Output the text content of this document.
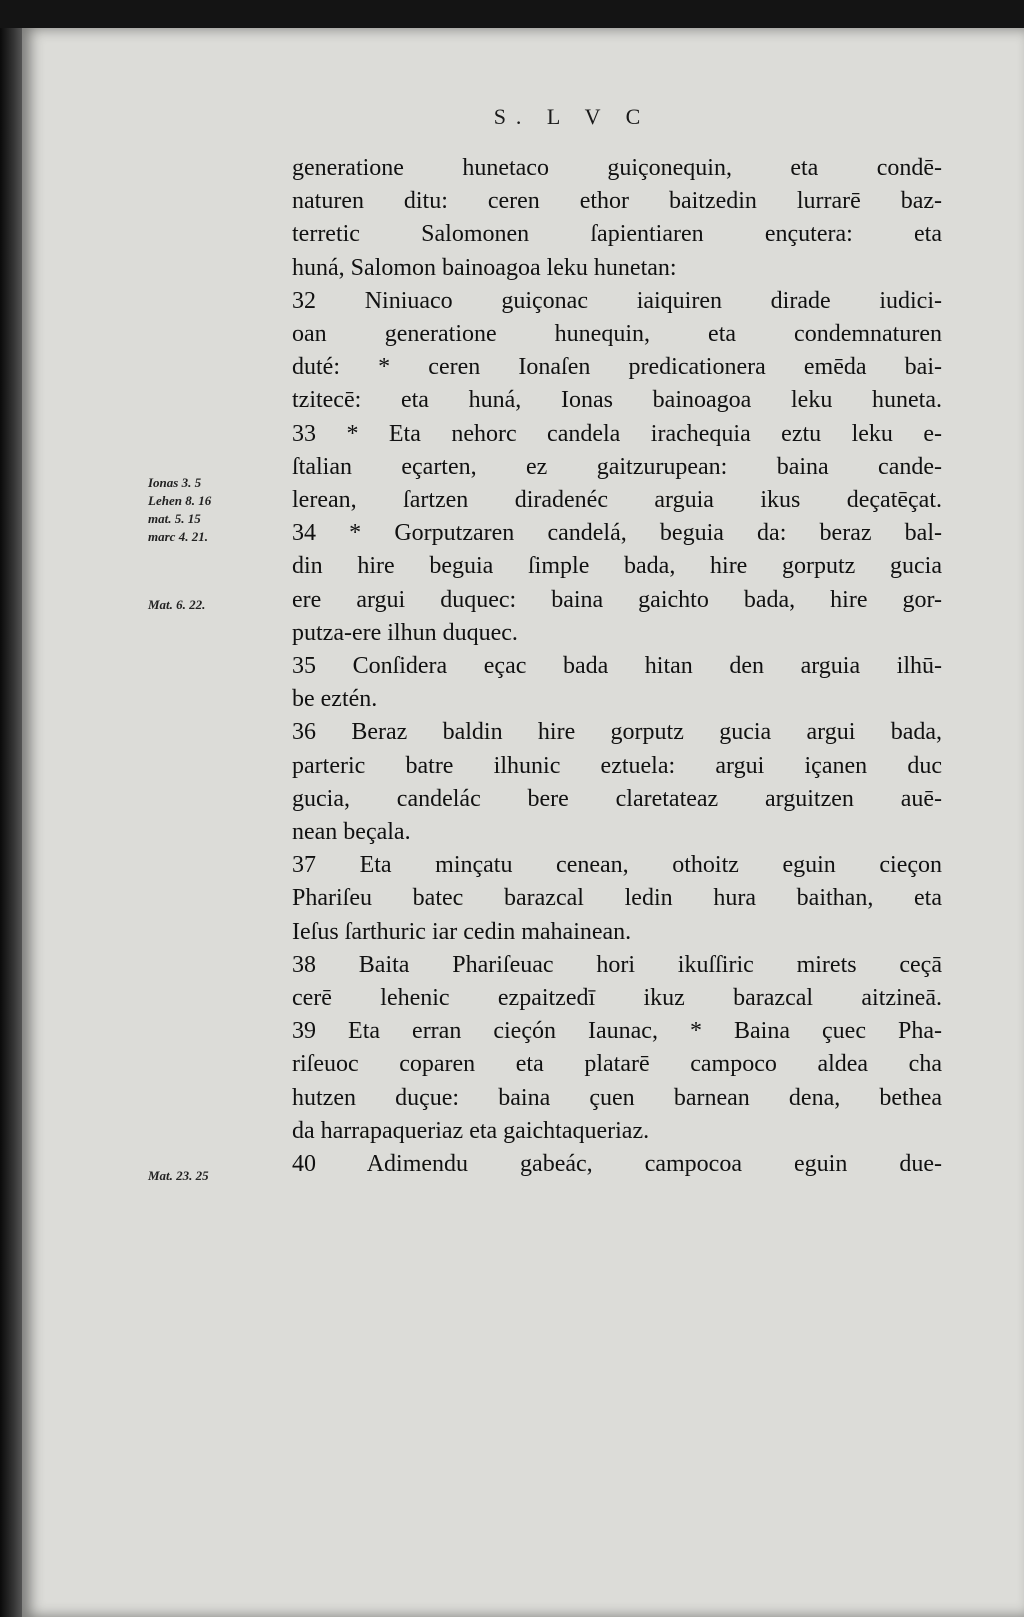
S. L V C
Ionas 3. 5
Lehen 8. 16
mat. 5. 15
marc 4. 21.
Mat. 6. 22.
Mat. 23. 25
generatione hunetaco guiçonequin, eta condē-
naturen ditu: ceren ethor baitzedin lurrarē baz-
terretic Salomonen ſapientiaren ençutera: eta
huná, Salomon bainoagoa leku hunetan:
32 Niniuaco guiçonac iaiquiren dirade iudici-
oan generatione hunequin, eta condemnaturen
duté: * ceren Ionaſen predicationera emēda bai-
tzitecē: eta huná, Ionas bainoagoa leku huneta.
33 * Eta nehorc candela irachequia eztu leku e-
ſtalian eçarten, ez gaitzurupean: baina cande-
lerean, ſartzen diradenéc arguia ikus deçatēçat.
34 * Gorputzaren candelá, beguia da: beraz bal-
din hire beguia ſimple bada, hire gorputz gucia
ere argui duquec: baina gaichto bada, hire gor-
putza-ere ilhun duquec.
35 Conſidera eçac bada hitan den arguia ilhū-
be eztén.
36 Beraz baldin hire gorputz gucia argui bada,
parteric batre ilhunic eztuela: argui içanen duc
gucia, candelác bere claretateaz arguitzen auē-
nean beçala.
37 Eta minçatu cenean, othoitz eguin cieçon
Phariſeu batec barazcal ledin hura baithan, eta
Ieſus ſarthuric iar cedin mahainean.
38 Baita Phariſeuac hori ikuſſiric mirets ceçā
cerē lehenic ezpaitzedī ikuz barazcal aitzineā.
39 Eta erran cieçón Iaunac, * Baina çuec Pha-
riſeuoc coparen eta platarē campoco aldea cha
hutzen duçue: baina çuen barnean dena, bethea
da harrapaqueriaz eta gaichtaqueriaz.
40 Adimendu gabeác, campocoa eguin due-
